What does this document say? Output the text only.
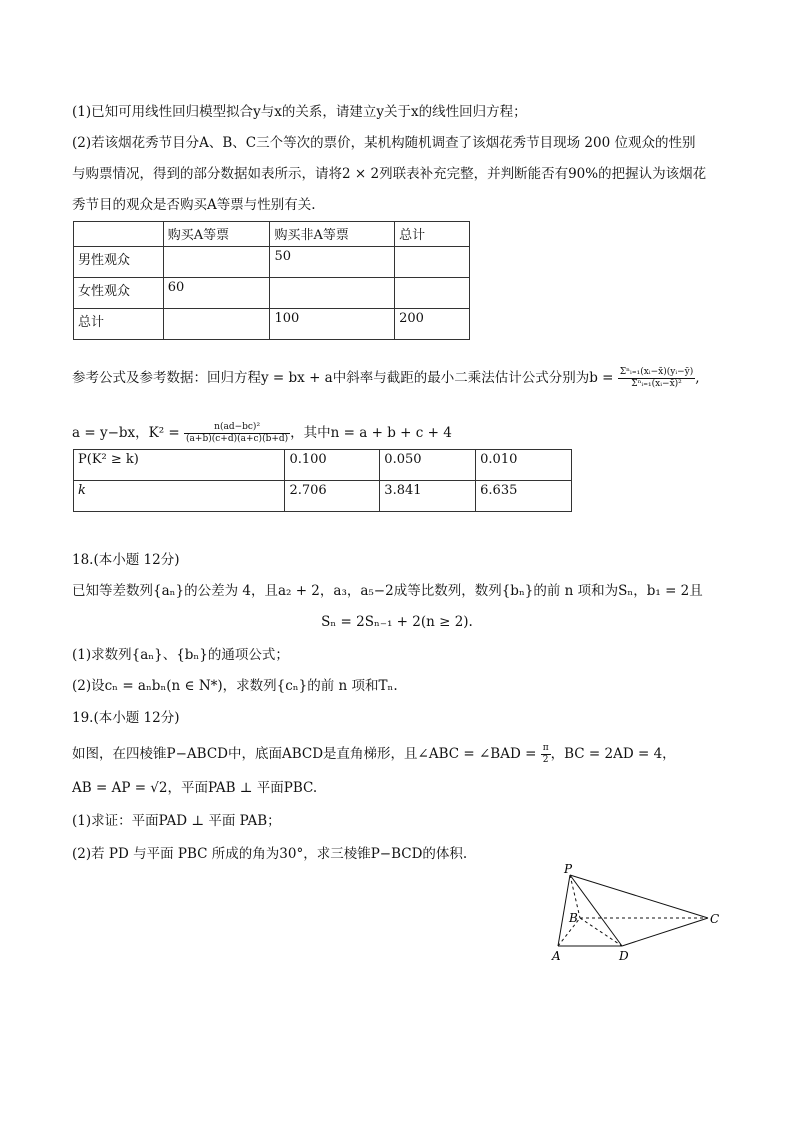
(1)已知可用线性回归模型拟合y与x的关系，请建立y关于x的线性回归方程；
(2)若该烟花秀节目分A、B、C三个等次的票价，某机构随机调查了该烟花秀节目现场 200 位观众的性别
与购票情况，得到的部分数据如表所示，请将2 × 2列联表补充完整，并判断能否有90%的把握认为该烟花
秀节目的观众是否购买A等票与性别有关.
	购买A等票	购买非A等票	总计
男性观众		50	
女性观众	60		
总计		100	200
参考公式及参考数据：回归方程y = bx + a中斜率与截距的最小二乘法估计公式分别为$b = \frac{\text{Σⁿᵢ₌₁(xᵢ−x̄)(yᵢ−ȳ)}}{\text{Σⁿᵢ₌₁(xᵢ−x̄)²}}$ ,
a = y−bx，$K^2 = \frac{\text{n(ad−bc)²}}{(a+b)(c+d)(a+c)(b+d)}$ ，其中n = a + b + c + 4
P(K² ≥ k)	0.100	0.050	0.010
k	2.706	3.841	6.635
18.(本小题 12分)
已知等差数列{aₙ}的公差为 4，且a₂ + 2，a₃，a₅−2成等比数列，数列{bₙ}的前 n 项和为Sₙ，b₁ = 2且
Sₙ = 2Sₙ₋₁ + 2(n ≥ 2).
(1)求数列{aₙ}、{bₙ}的通项公式；
(2)设cₙ = aₙbₙ(n ∈ N*)，求数列{cₙ}的前 n 项和Tₙ.
19.(本小题 12分)
如图，在四棱锥P−ABCD中，底面ABCD是直角梯形，且∠ABC = ∠BAD = $\frac{\pi}{2}$ ，BC = 2AD = 4，
AB = AP = √2，平面PAB ⊥ 平面PBC.
(1)求证：平面PAD ⊥ 平面 PAB；
(2)若 PD 与平面 PBC 所成的角为30°，求三棱锥P−BCD的体积.
P
B	C
A	D
